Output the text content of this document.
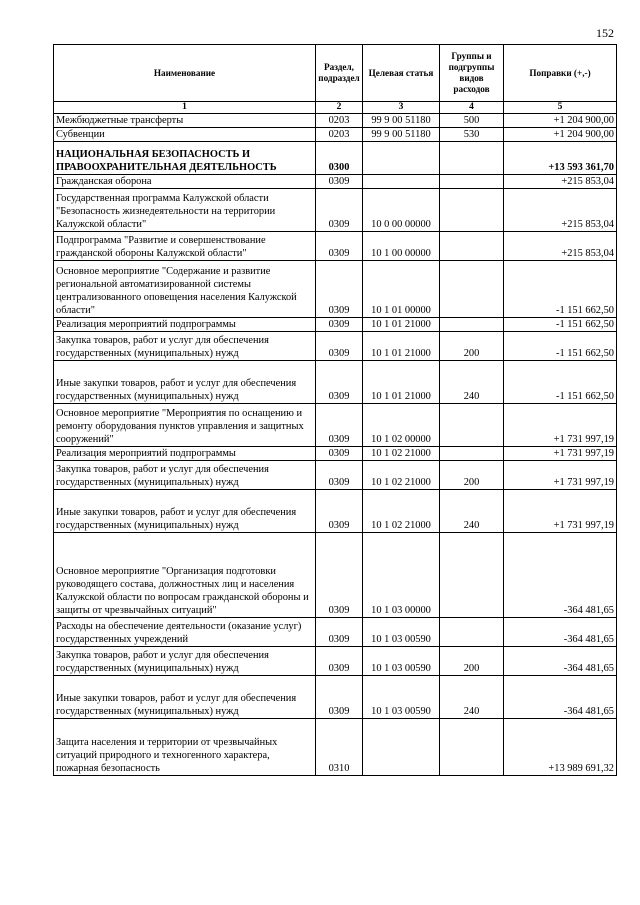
152
Наименование	Раздел, подраздел	Целевая статья	Группы и подгруппы видов расходов	Поправки (+,-)
1	2	3	4	5
Межбюджетные трансферты	0203	99 9 00 51180	500	+1 204 900,00
Субвенции	0203	99 9 00 51180	530	+1 204 900,00
НАЦИОНАЛЬНАЯ БЕЗОПАСНОСТЬ И ПРАВООХРАНИТЕЛЬНАЯ ДЕЯТЕЛЬНОСТЬ	0300			+13 593 361,70
Гражданская оборона	0309			+215 853,04
Государственная программа Калужской области "Безопасность жизнедеятельности на территории Калужской области"	0309	10 0 00 00000		+215 853,04
Подпрограмма "Развитие и совершенствование гражданской обороны Калужской области"	0309	10 1 00 00000		+215 853,04
Основное мероприятие "Содержание и развитие региональной автоматизированной системы централизованного оповещения населения Калужской области"	0309	10 1 01 00000		-1 151 662,50
Реализация мероприятий подпрограммы	0309	10 1 01 21000		-1 151 662,50
Закупка товаров, работ и услуг для обеспечения государственных (муниципальных) нужд	0309	10 1 01 21000	200	-1 151 662,50
Иные закупки товаров, работ и услуг для обеспечения государственных (муниципальных) нужд	0309	10 1 01 21000	240	-1 151 662,50
Основное мероприятие "Мероприятия по оснащению и ремонту оборудования пунктов управления и защитных сооружений"	0309	10 1 02 00000		+1 731 997,19
Реализация мероприятий подпрограммы	0309	10 1 02 21000		+1 731 997,19
Закупка товаров, работ и услуг для обеспечения государственных (муниципальных) нужд	0309	10 1 02 21000	200	+1 731 997,19
Иные закупки товаров, работ и услуг для обеспечения государственных (муниципальных) нужд	0309	10 1 02 21000	240	+1 731 997,19
Основное мероприятие "Организация подготовки руководящего состава, должностных лиц и населения Калужской области по вопросам гражданской обороны и защиты от чрезвычайных ситуаций"	0309	10 1 03 00000		-364 481,65
Расходы на обеспечение деятельности (оказание услуг) государственных учреждений	0309	10 1 03 00590		-364 481,65
Закупка товаров, работ и услуг для обеспечения государственных (муниципальных) нужд	0309	10 1 03 00590	200	-364 481,65
Иные закупки товаров, работ и услуг для обеспечения государственных (муниципальных) нужд	0309	10 1 03 00590	240	-364 481,65
Защита населения и территории от чрезвычайных ситуаций природного и техногенного характера, пожарная безопасность	0310			+13 989 691,32
